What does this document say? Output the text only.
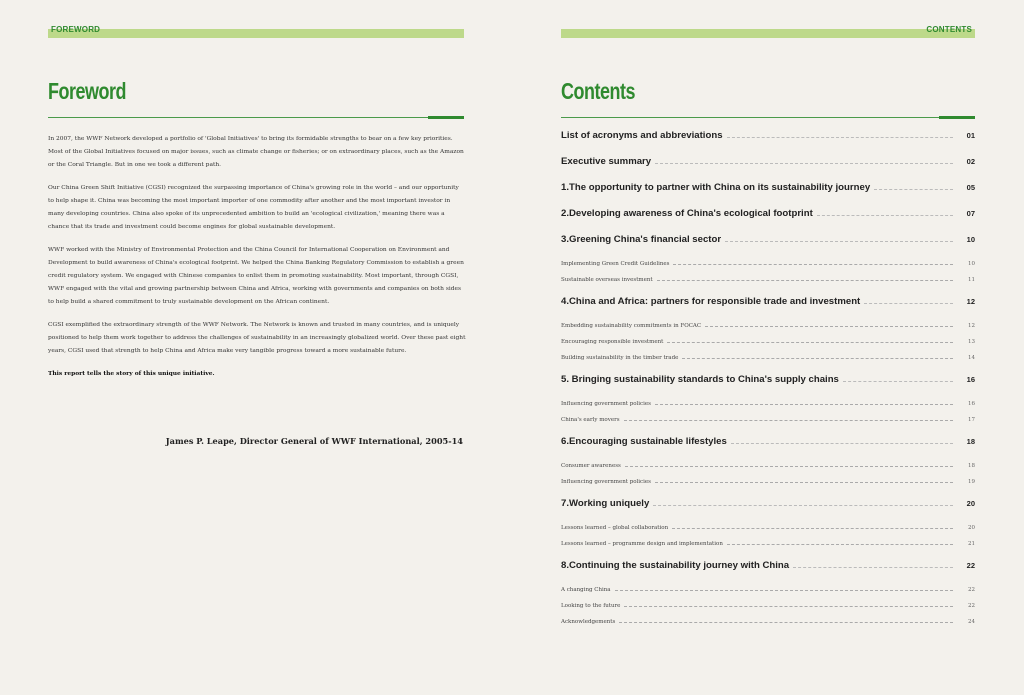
FOREWORD
Foreword

In 2007, the WWF Network developed a portfolio of 'Global Initiatives' to bring its formidable strengths to bear on a few key priorities. Most of the Global Initiatives focused on major issues, such as climate change or fisheries; or on extraordinary places, such as the Amazon or the Coral Triangle. But in one we took a different path.

Our China Green Shift Initiative (CGSI) recognized the surpassing importance of China's growing role in the world – and our opportunity to help shape it. China was becoming the most important importer of one commodity after another and the most important investor in many developing countries. China also spoke of its unprecedented ambition to build an 'ecological civilization,' meaning there was a chance that its trade and investment could become engines for global sustainable development.

WWF worked with the Ministry of Environmental Protection and the China Council for International Cooperation on Environment and Development to build awareness of China's ecological footprint. We helped the China Banking Regulatory Commission to establish a green credit regulatory system. We engaged with Chinese companies to enlist them in promoting sustainability. Most important, through CGSI, WWF engaged with the vital and growing partnership between China and Africa, working with governments and companies on both sides to help build a shared commitment to truly sustainable development on the African continent.

CGSI exemplified the extraordinary strength of the WWF Network. The Network is known and trusted in many countries, and is uniquely positioned to help them work together to address the challenges of sustainability in an increasingly globalized world. Over these past eight years, CGSI used that strength to help China and Africa make very tangible progress toward a more sustainable future.

This report tells the story of this unique initiative.

James P. Leape, Director General of WWF International, 2005-14
CONTENTS
Contents
List of acronyms and abbreviations	01
Executive summary	02
1.The opportunity to partner with China on its sustainability journey	05
2.Developing awareness of China's ecological footprint	07
3.Greening China's financial sector	10
Implementing Green Credit Guidelines	10
Sustainable overseas investment	11
4.China and Africa: partners for responsible trade and investment	12
Embedding sustainability commitments in FOCAC	12
Encouraging responsible investment	13
Building sustainability in the timber trade	14
5. Bringing sustainability standards to China's supply chains	16
Influencing government policies	16
China's early movers	17
6.Encouraging sustainable lifestyles	18
Consumer awareness	18
Influencing government policies	19
7.Working uniquely	20
Lessons learned – global collaboration	20
Lessons learned – programme design and implementation	21
8.Continuing the sustainability journey with China	22
A changing China	22
Looking to the future	22
Acknowledgements	24
